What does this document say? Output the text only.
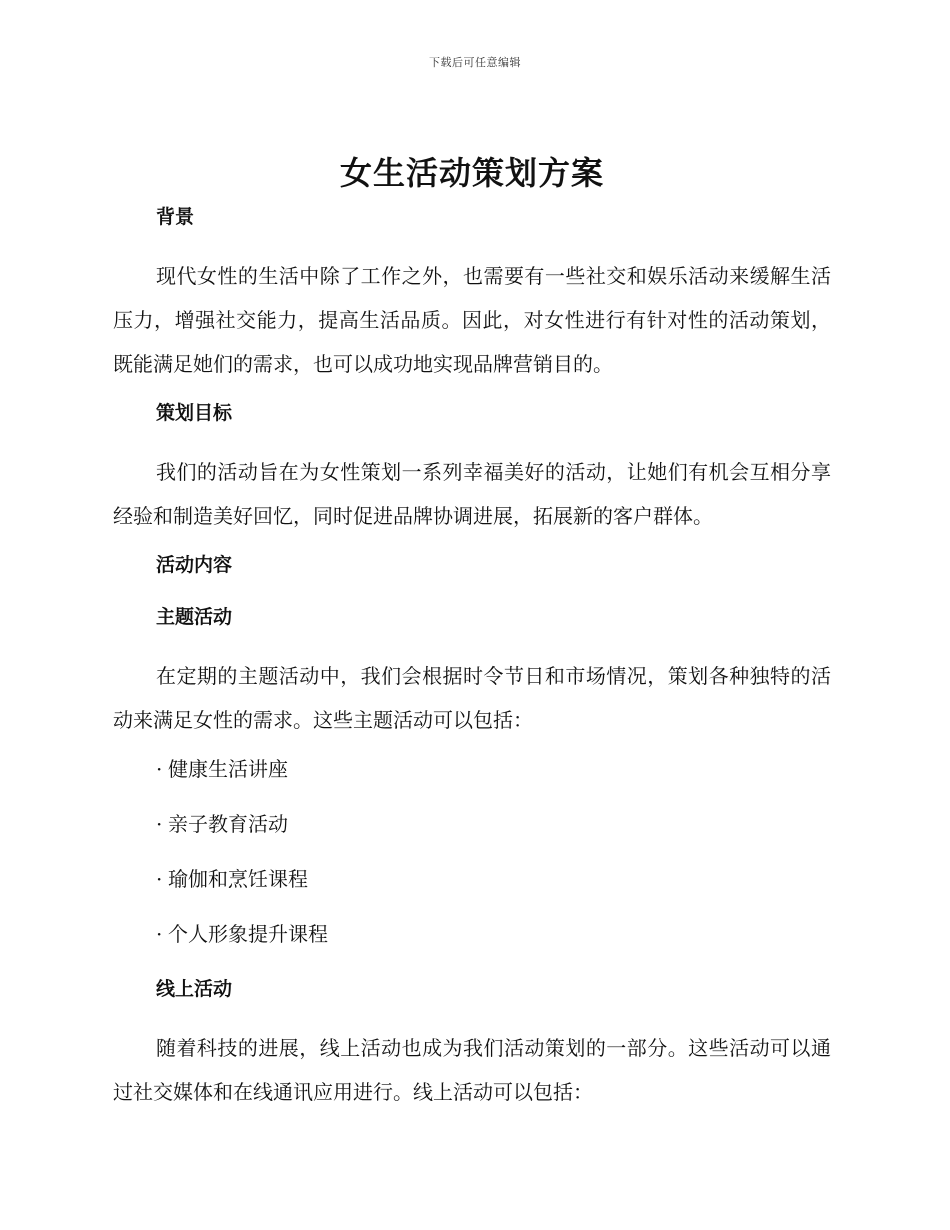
下载后可任意编辑
女生活动策划方案
背景

现代女性的生活中除了工作之外，也需要有一些社交和娱乐活动来缓解生活压力，增强社交能力，提高生活品质。因此，对女性进行有针对性的活动策划，既能满足她们的需求，也可以成功地实现品牌营销目的。

策划目标

我们的活动旨在为女性策划一系列幸福美好的活动，让她们有机会互相分享经验和制造美好回忆，同时促进品牌协调进展，拓展新的客户群体。

活动内容
主题活动

在定期的主题活动中，我们会根据时令节日和市场情况，策划各种独特的活动来满足女性的需求。这些主题活动可以包括：

· 健康生活讲座
· 亲子教育活动
· 瑜伽和烹饪课程
· 个人形象提升课程
线上活动

随着科技的进展，线上活动也成为我们活动策划的一部分。这些活动可以通过社交媒体和在线通讯应用进行。线上活动可以包括：
